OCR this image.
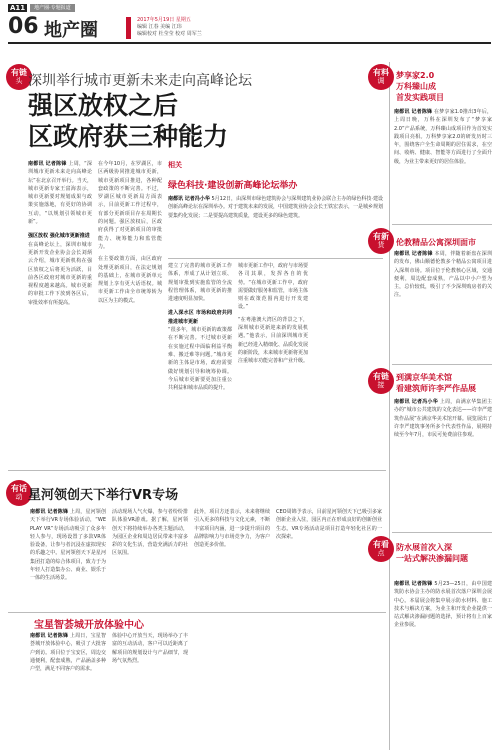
A11	地产圈·专题报道
06 地产圈	2017年5月19日 星期五
编辑 江春 美编 江玮
编辑校对 杜莹莹 校对 周军兰
有链
头 深圳举行城市更新未来走向高峰论坛
强区放权之后
区政府获三种能力
南都讯 记者陈锋 上周，“深圳城市更新未来走向高峰论坛”在北京召开举行。当天，城市更新专家王富海表示，城市更新要对规划成果与政策实施落地，有更好的协调互动，“以规划引领城市更新”。
强区放权 强化城市更新推进
在高峰论坛上，深圳市城市更新开发企业协会会长刘炳云介绍，城市更新机构在强区放权之后将更为活跃，目前各区政府对城市更新的重视程度越来越高。城市更新的审批工作下放到各区后，审批效率有所提高。
在今年10月，在罗湖区，市区两级协同推进城市更新，城市更新项目推进，各种配套政策的不断完善。不过，罗湖区城市更新局方面表示，目前更新工作过程中，有部分更新项目存在周期长的问题。强区放权后，区政府获得了对更新项目的审批能力、统筹能力和监管能力。
在主要政策方面，由区政府处理更新项目，在法定规划的基础上，在城市更新单元规划上享有更大话语权。城市更新工作由全市统筹转为以区为主的模式。
相关
绿色科技·建设创新高峰论坛举办
南都讯 记者冯小华 5月12日，由深圳市绿色建筑协会与深圳建筑业协会联合主办的绿色科技·建设创新高峰论坛在深圳举办。对于建筑未来的发展，中国建筑业协会会长王铁宏表示，一是城乡规划要集约化发展；二是要提高建筑质量，建设更多的绿色建筑。
建立了完善的城市更新工作体系，形成了从计划立项、规划审批到实施监管的全流程管理体系，城市更新的推进速度明显加快。
进入深水区 市场和政府共同推进城市更新
“很多年，城市更新的政策都在不断完善。不过城市更新在实施过程中面临利益平衡难、搬迁难等问题。”城市更新的主体是市场，政府需要做好规划引导和统筹协调。今后城市更新要更加注重公共利益和城市品质的提升。
城市更新工作中，政府与市场要各司其职，发挥各自的优势。“在城市更新工作中，政府需要做好服务和监管，市场主体则在政策范围内进行开发建设。”
“在粤港澳大湾区的背景之下，深圳城市更新迎来新的发展机遇。”他表示，目前深圳城市更新已经进入精细化、品质化发展的新阶段，未来城市更新将更加注重城市功能完善和产业升级。
有料
调
梦享家2.0
万科臻山成
首发实践项目
南都讯 记者陈锋 在梦享家1.0推出3年后，上周日晚，万科在深圳发布了“梦享家2.0”产品系统，万科臻山成项目作为首发实践项目亮相。万科梦享家2.0的研发历时三年，围绕客户全生命周期的居住需求，在空间、收纳、健康、智能等方面进行了全面升级，为业主带来更好的居住体验。
有新
货	伦教精品公寓深圳面市
南都讯 记者陈锋 本周，伴随着新盘在深圳的发布，佛山顺德伦教多个精品公寓项目进入深圳市场。项目位于伦教核心区域，交通便利，周边配套成熟，产品以中小户型为主，总价较低，吸引了不少深圳购房者的关注。
有链
接
到满京华美术馆
看建筑师许李严作品展
南都讯 记者冯小华 上周，由满京华集团主办的“城市公共建筑的文化表达——许李严建筑作品展”在满京华美术馆开幕。展览展出了许李严建筑事务所多个代表性作品，展期持续至今年7月，市民可免费前往参观。
有看
点
防水展首次入深
一站式解决渗漏问题
南都讯 记者陈锋 5月23—25日，由中国建筑防水协会主办的防水展首次落户深圳会展中心。本届展会将集中展示防水材料、施工技术与解决方案，为业主和开发企业提供一站式解决渗漏问题的选择，预计将有上百家企业参展。
有话
动 星河领创天下举行VR专场
南都讯 记者陈锋 上周，星河领创天下举行VR专场体验活动，“WE PLAY VR”专场活动吸引了众多年轻人参与，现场设置了多款VR体验设备，让参与者沉浸在虚拟现实的乐趣之中。星河领创天下是星河集团打造的综合体项目，致力于为年轻人打造集办公、商业、娱乐于一体的生活场景。
活动现场人气火爆，参与者纷纷排队体验VR游戏。据了解，星河领创天下将持续举办各类主题活动，为园区企业和周边居民带来丰富多彩的文化生活，营造充满活力的社区氛围。
此外，项目方还表示，未来将继续引入更多的科技与文化元素，不断丰富项目内涵，进一步提升项目的品牌影响力与市场竞争力，为客户创造更多价值。
CEO周锦予表示，目前星河领创天下已吸引多家创新企业入驻，园区内正在形成良好的创新创业生态。VR专场活动是项目打造年轻化社区的一次探索。
宝星智荟城开放体验中心
南都讯 记者陈锋 上周日，宝星智荟城开放体验中心，吸引了大批客户到访。项目位于宝安区，周边交通便利，配套成熟，产品涵盖多种户型，满足不同客户的需求。
体验中心开放当天，现场举办了丰富的互动活动，客户可以近距离了解项目的规划设计与产品细节，现场气氛热烈。
